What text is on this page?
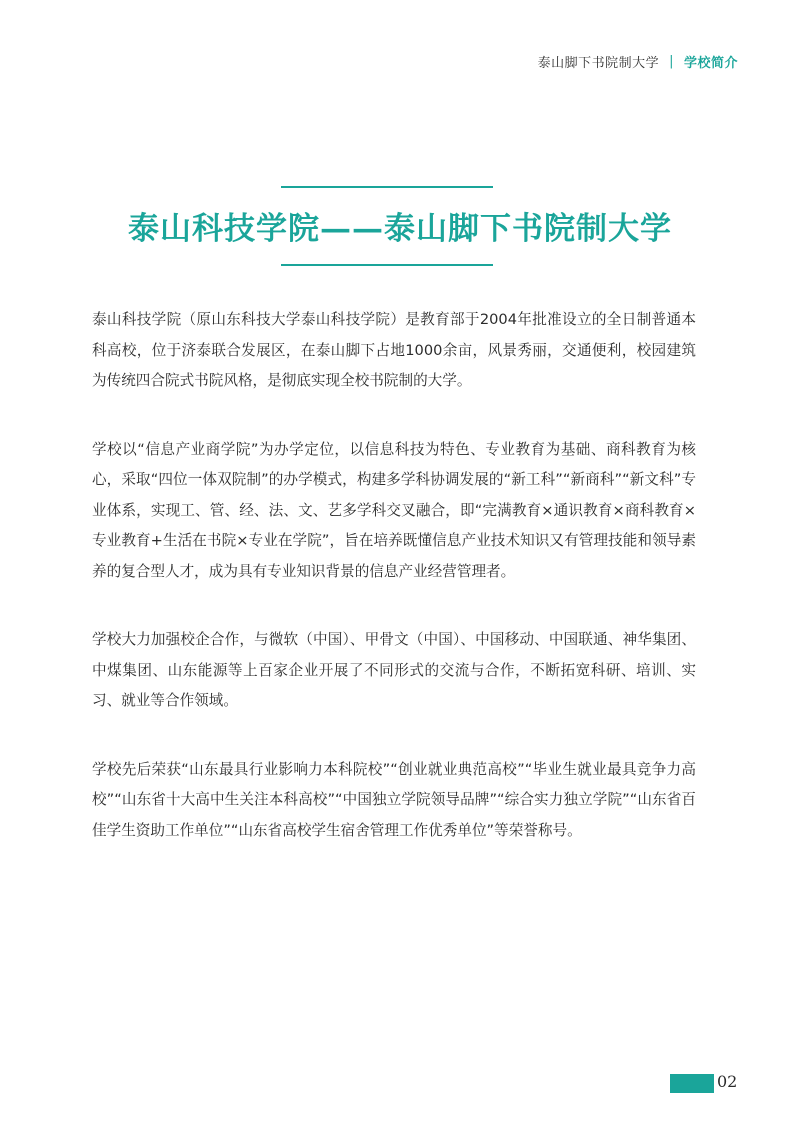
泰山脚下书院制大学 | 学校简介
泰山科技学院——泰山脚下书院制大学

泰山科技学院（原山东科技大学泰山科技学院）是教育部于2004年批准设立的全日制普通本科高校，位于济泰联合发展区，在泰山脚下占地1000余亩，风景秀丽，交通便利，校园建筑为传统四合院式书院风格，是彻底实现全校书院制的大学。

学校以“信息产业商学院”为办学定位，以信息科技为特色、专业教育为基础、商科教育为核心，采取“四位一体双院制”的办学模式，构建多学科协调发展的“新工科”“新商科”“新文科”专业体系，实现工、管、经、法、文、艺多学科交叉融合，即“完满教育×通识教育×商科教育×专业教育+生活在书院×专业在学院”，旨在培养既懂信息产业技术知识又有管理技能和领导素养的复合型人才，成为具有专业知识背景的信息产业经营管理者。

学校大力加强校企合作，与微软（中国）、甲骨文（中国）、中国移动、中国联通、神华集团、中煤集团、山东能源等上百家企业开展了不同形式的交流与合作，不断拓宽科研、培训、实习、就业等合作领域。

学校先后荣获“山东最具行业影响力本科院校”“创业就业典范高校”“毕业生就业最具竞争力高校”“山东省十大高中生关注本科高校”“中国独立学院领导品牌”“综合实力独立学院”“山东省百佳学生资助工作单位”“山东省高校学生宿舍管理工作优秀单位”等荣誉称号。

02
